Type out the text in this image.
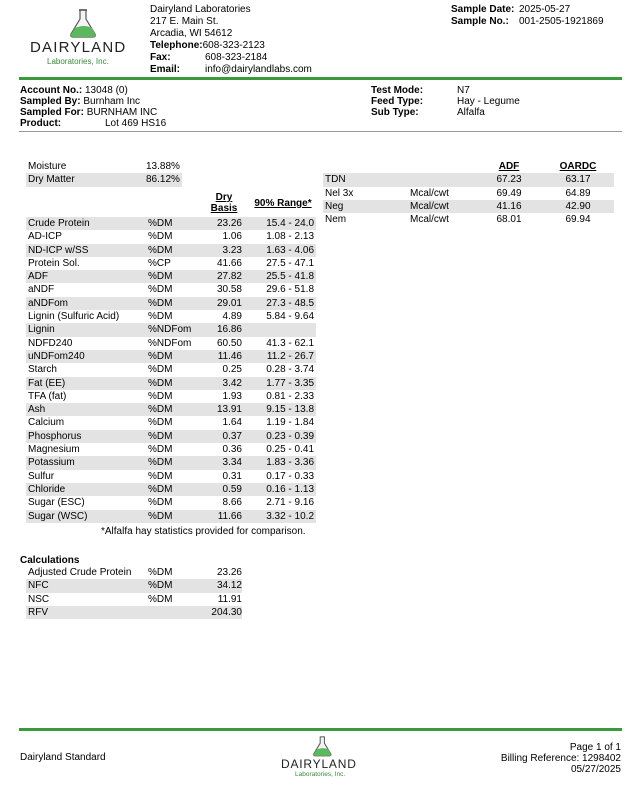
DAIRYLAND
Laboratories, Inc.
Dairyland Laboratories
217 E. Main St.
Arcadia, WI 54612
Telephone:608-323-2123
Fax:	608-323-2184
Email: info@dairylandlabs.com
Sample Date: 2025-05-27
Sample No.: 001-2505-1921869
Account No.: 13048 (0)
Sampled By: Burnham Inc
Sampled For: BURNHAM INC
Product:	Lot 469 HS16
Test Mode:	N7
Feed Type:	Hay - Legume
Sub Type:	Alfalfa
Moisture	13.88%
Dry Matter	86.12%
Dry
Basis	90% Range*
Crude Protein	%DM	23.26	15.4 - 24.0
AD-ICP	%DM	1.06	1.08 - 2.13
ND-ICP w/SS	%DM	3.23	1.63 - 4.06
Protein Sol.	%CP	41.66	27.5 - 47.1
ADF	%DM	27.82	25.5 - 41.8
aNDF	%DM	30.58	29.6 - 51.8
aNDFom	%DM	29.01	27.3 - 48.5
Lignin (Sulfuric Acid)	%DM	4.89	5.84 - 9.64
Lignin	%NDFom	16.86	
NDFD240	%NDFom	60.50	41.3 - 62.1
uNDFom240	%DM	11.46	11.2 - 26.7
Starch	%DM	0.25	0.28 - 3.74
Fat (EE)	%DM	3.42	1.77 - 3.35
TFA (fat)	%DM	1.93	0.81 - 2.33
Ash	%DM	13.91	9.15 - 13.8
Calcium	%DM	1.64	1.19 - 1.84
Phosphorus	%DM	0.37	0.23 - 0.39
Magnesium	%DM	0.36	0.25 - 0.41
Potassium	%DM	3.34	1.83 - 3.36
Sulfur	%DM	0.31	0.17 - 0.33
Chloride	%DM	0.59	0.16 - 1.13
Sugar (ESC)	%DM	8.66	2.71 - 9.16
Sugar (WSC)	%DM	11.66	3.32 - 10.2
*Alfalfa hay statistics provided for comparison.
		ADF	OARDC
TDN		67.23	63.17
Nel 3x	Mcal/cwt	69.49	64.89
Neg	Mcal/cwt	41.16	42.90
Nem	Mcal/cwt	68.01	69.94
Calculations
Adjusted Crude Protein	%DM	23.26
NFC	%DM	34.12
NSC	%DM	11.91
RFV		204.30
Dairyland Standard	DAIRYLAND
Laboratories, Inc.
Page 1 of 1
Billing Reference: 1298402
05/27/2025
